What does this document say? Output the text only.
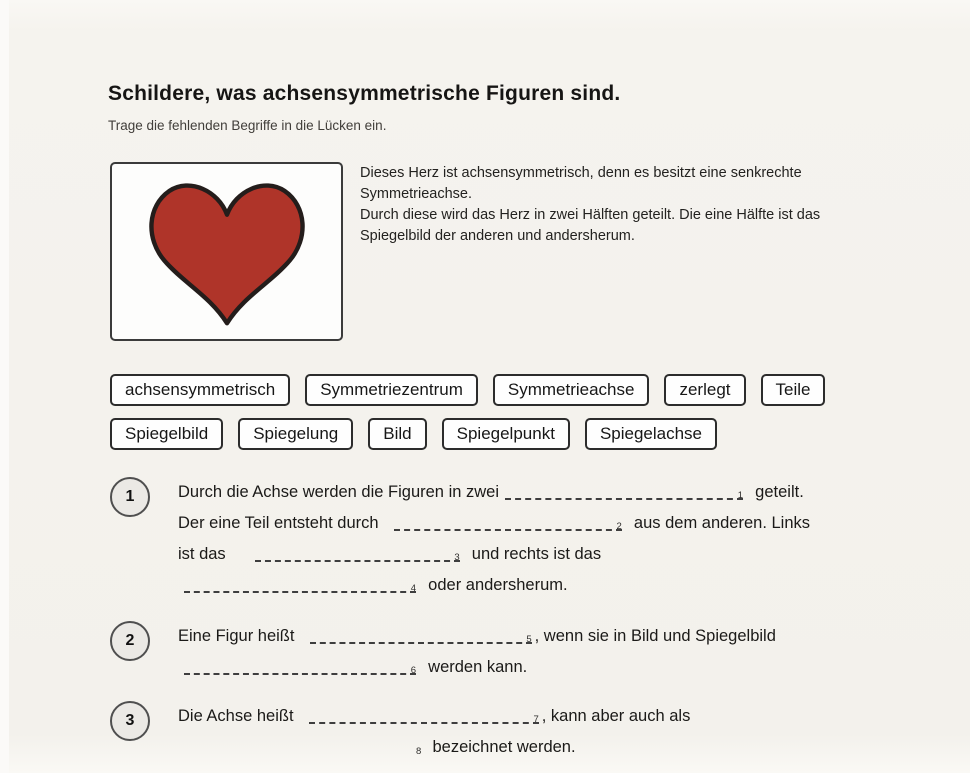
Schildere, was achsensymmetrische Figuren sind.
Trage die fehlenden Begriffe in die Lücken ein.
Dieses Herz ist achsensymmetrisch, denn es besitzt eine senkrechte
Symmetrieachse.
Durch diese wird das Herz in zwei Hälften geteilt. Die eine Hälfte ist das
Spiegelbild der anderen und andersherum.
achsensymmetrisch	Symmetriezentrum	Symmetrieachse	zerlegt	Teile
Spiegelbild	Spiegelung	Bild	Spiegelpunkt	Spiegelachse
1	Durch die Achse werden die Figuren in zwei	1 geteilt.
Der eine Teil entsteht durch	2 aus dem anderen. Links
ist das	3 und rechts ist das
4 oder andersherum.
2	Eine Figur heißt	5 , wenn sie in Bild und Spiegelbild
6 werden kann.
3	Die Achse heißt	7 , kann aber auch als
8  bezeichnet werden.
